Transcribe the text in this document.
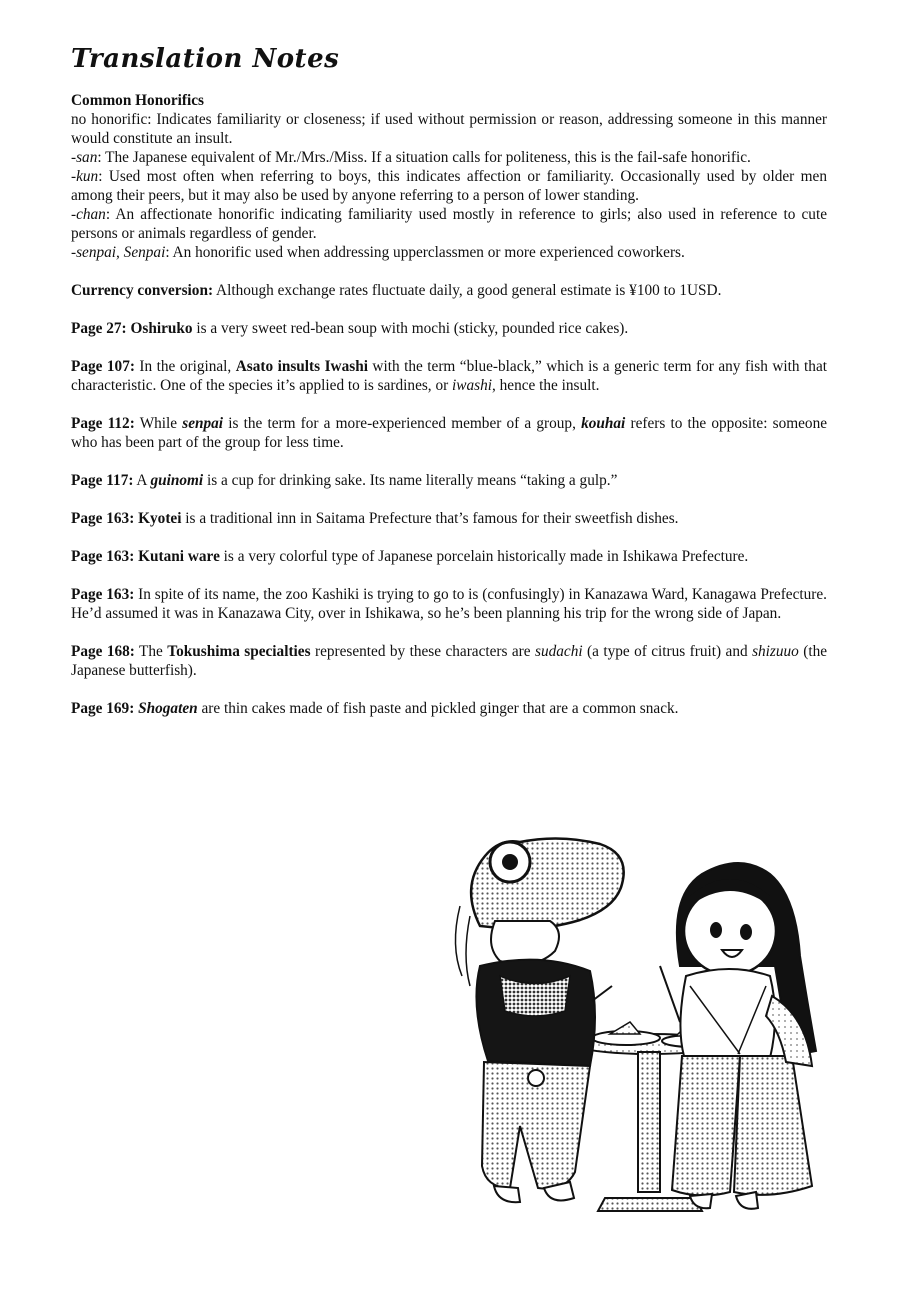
Translation Notes

Common Honorifics

no honorific: Indicates familiarity or closeness; if used without permission or reason, addressing someone in this manner would constitute an insult.

-san: The Japanese equivalent of Mr./Mrs./Miss. If a situation calls for politeness, this is the fail-safe honorific.

-kun: Used most often when referring to boys, this indicates affection or familiarity. Occasionally used by older men among their peers, but it may also be used by anyone referring to a person of lower standing.

-chan: An affectionate honorific indicating familiarity used mostly in reference to girls; also used in reference to cute persons or animals regardless of gender.

-senpai, Senpai: An honorific used when addressing upperclassmen or more experienced coworkers.

Currency conversion: Although exchange rates fluctuate daily, a good general estimate is ¥100 to 1USD.

Page 27: Oshiruko is a very sweet red-bean soup with mochi (sticky, pounded rice cakes).

Page 107: In the original, Asato insults Iwashi with the term “blue-black,” which is a generic term for any fish with that characteristic. One of the species it’s applied to is sardines, or iwashi, hence the insult.

Page 112: While senpai is the term for a more-experienced member of a group, kouhai refers to the opposite: someone who has been part of the group for less time.

Page 117: A guinomi is a cup for drinking sake. Its name literally means “taking a gulp.”

Page 163: Kyotei is a traditional inn in Saitama Prefecture that’s famous for their sweetfish dishes.

Page 163: Kutani ware is a very colorful type of Japanese porcelain historically made in Ishikawa Prefecture.

Page 163: In spite of its name, the zoo Kashiki is trying to go to is (confusingly) in Kanazawa Ward, Kanagawa Prefecture. He’d assumed it was in Kanazawa City, over in Ishikawa, so he’s been planning his trip for the wrong side of Japan.

Page 168: The Tokushima specialties represented by these characters are sudachi (a type of citrus fruit) and shizuuo (the Japanese butterfish).

Page 169: Shogaten are thin cakes made of fish paste and pickled ginger that are a common snack.
